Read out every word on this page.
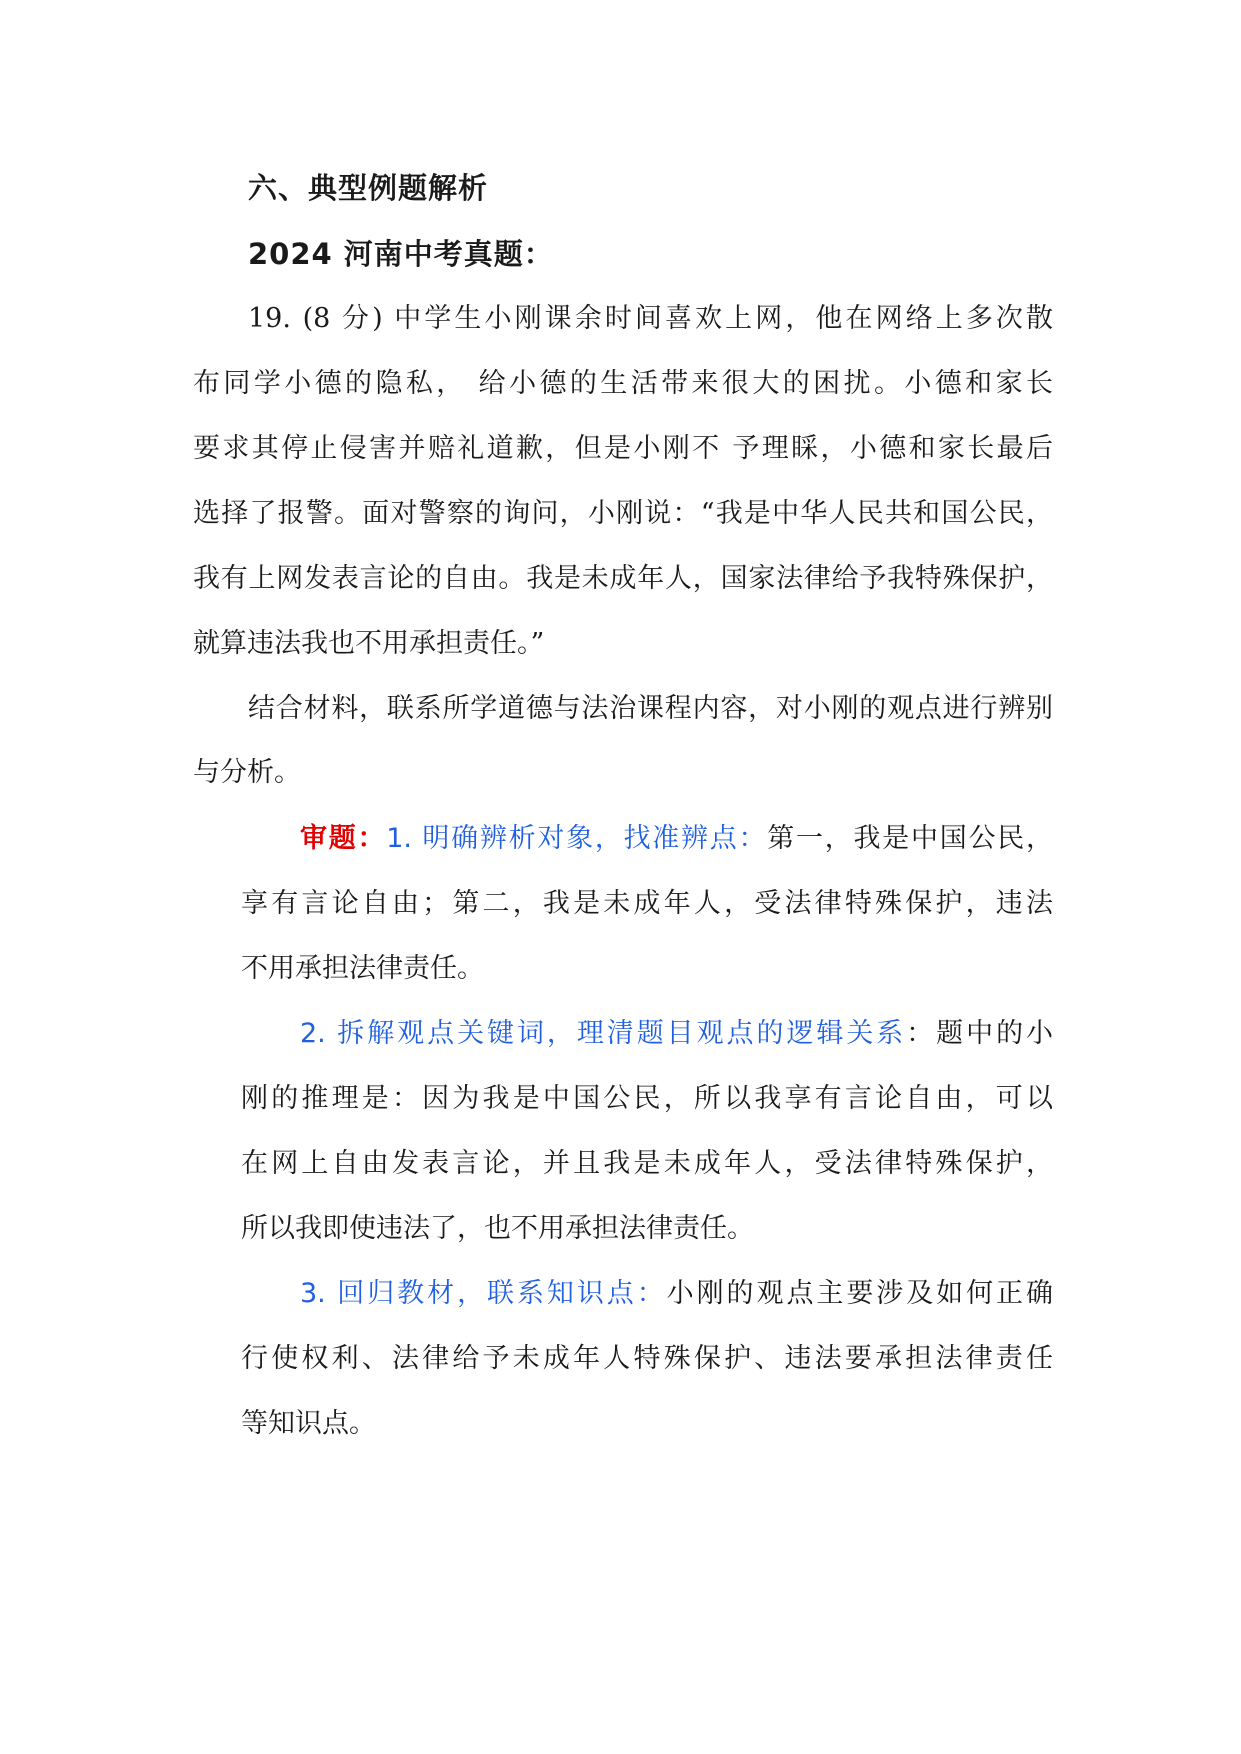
六、典型例题解析
2024 河南中考真题：
19. (8 分) 中学生小刚课余时间喜欢上网，他在网络上多次散
布同学小德的隐私， 给小德的生活带来很大的困扰。小德和家长
要求其停止侵害并赔礼道歉，但是小刚不 予理睬，小德和家长最后
选择了报警。面对警察的询问，小刚说：“我是中华人民共和国公民，
我有上网发表言论的自由。我是未成年人，国家法律给予我特殊保护，
就算违法我也不用承担责任。”
结合材料，联系所学道德与法治课程内容，对小刚的观点进行辨别
与分析。
审题：1. 明确辨析对象，找准辨点：第一，我是中国公民，
享有言论自由；第二，我是未成年人，受法律特殊保护，违法
不用承担法律责任。
2. 拆解观点关键词，理清题目观点的逻辑关系：题中的小
刚的推理是：因为我是中国公民，所以我享有言论自由，可以
在网上自由发表言论，并且我是未成年人，受法律特殊保护，
所以我即使违法了，也不用承担法律责任。
3. 回归教材，联系知识点：小刚的观点主要涉及如何正确
行使权利、法律给予未成年人特殊保护、违法要承担法律责任
等知识点。
